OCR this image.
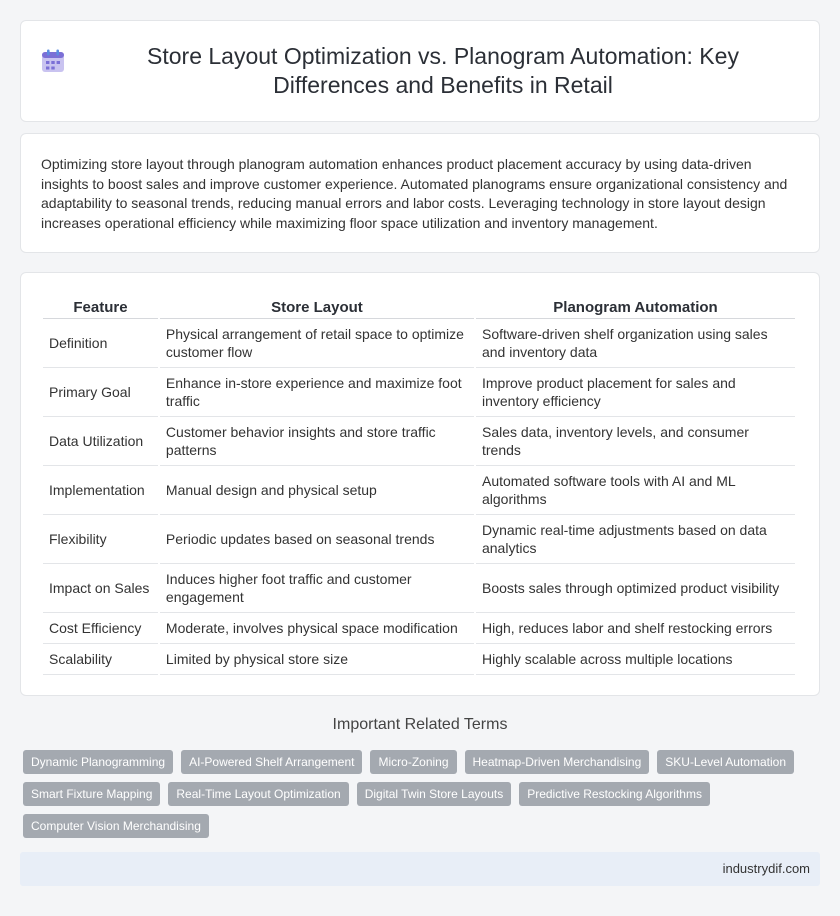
Store Layout Optimization vs. Planogram Automation: Key Differences and Benefits in Retail

Optimizing store layout through planogram automation enhances product placement accuracy by using data-driven insights to boost sales and improve customer experience. Automated planograms ensure organizational consistency and adaptability to seasonal trends, reducing manual errors and labor costs. Leveraging technology in store layout design increases operational efficiency while maximizing floor space utilization and inventory management.

Feature	Store Layout	Planogram Automation
Definition	Physical arrangement of retail space to optimize customer flow	Software-driven shelf organization using sales and inventory data
Primary Goal	Enhance in-store experience and maximize foot traffic	Improve product placement for sales and inventory efficiency
Data Utilization	Customer behavior insights and store traffic patterns	Sales data, inventory levels, and consumer trends
Implementation	Manual design and physical setup	Automated software tools with AI and ML algorithms
Flexibility	Periodic updates based on seasonal trends	Dynamic real-time adjustments based on data analytics
Impact on Sales	Induces higher foot traffic and customer engagement	Boosts sales through optimized product visibility
Cost Efficiency	Moderate, involves physical space modification	High, reduces labor and shelf restocking errors
Scalability	Limited by physical store size	Highly scalable across multiple locations
Important Related Terms
Dynamic Planogramming	AI-Powered Shelf Arrangement	Micro-Zoning	Heatmap-Driven Merchandising	SKU-Level Automation
Smart Fixture Mapping	Real-Time Layout Optimization	Digital Twin Store Layouts	Predictive Restocking Algorithms
Computer Vision Merchandising
industrydif.com
